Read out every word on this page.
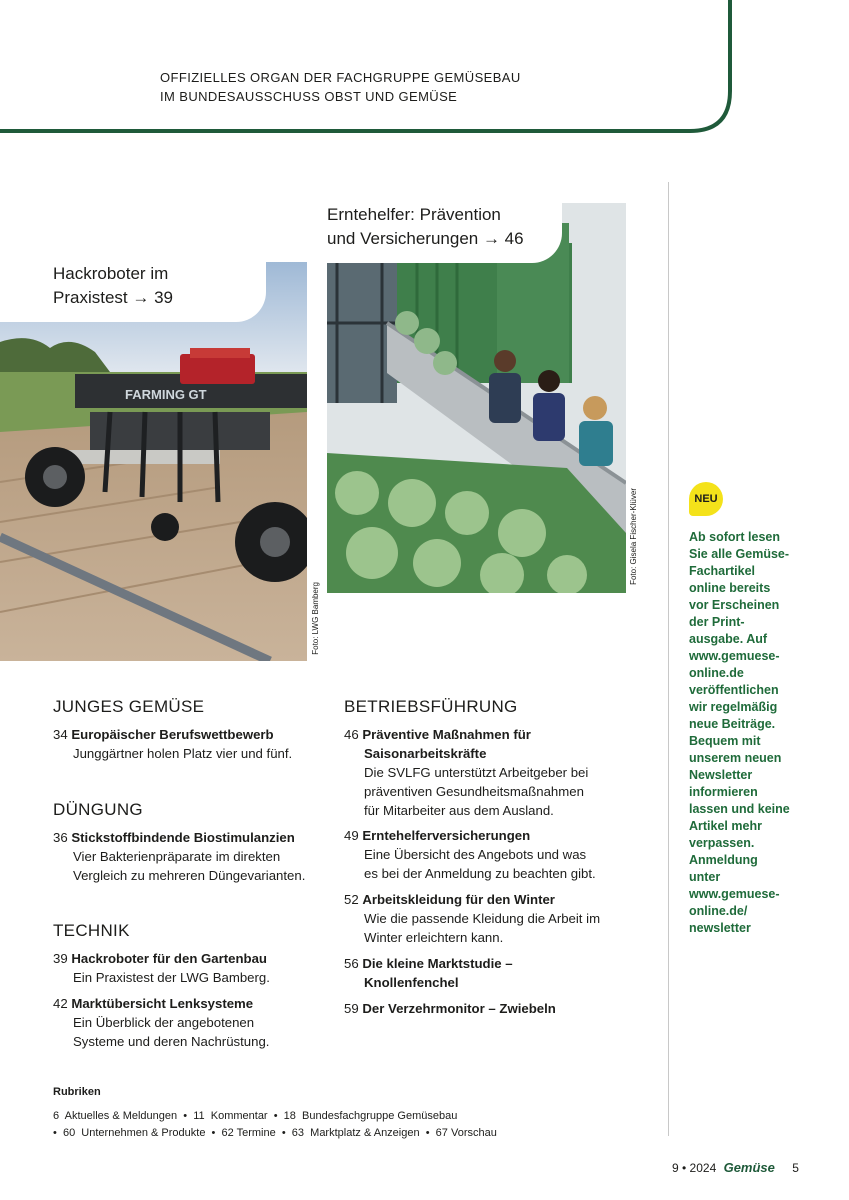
OFFIZIELLES ORGAN DER FACHGRUPPE GEMÜSEBAU
IM BUNDESAUSSCHUSS OBST UND GEMÜSE
FARMING GT
Hackroboter im
Praxistest → 39
Foto: LWG Bamberg
Erntehelfer: Prävention
und Versicherungen → 46
Foto: Gisela Fischer-Klüver
JUNGES GEMÜSE
34 Europäischer Berufswettbewerb
Junggärtner holen Platz vier und fünf.
DÜNGUNG
36 Stickstoffbindende Biostimulanzien
Vier Bakterienpräparate im direkten
Vergleich zu mehreren Düngevarianten.
TECHNIK
39 Hackroboter für den Gartenbau
Ein Praxistest der LWG Bamberg.
42 Marktübersicht Lenksysteme
Ein Überblick der angebotenen
Systeme und deren Nachrüstung.
BETRIEBSFÜHRUNG
46 Präventive Maßnahmen für
Saisonarbeitskräfte
Die SVLFG unterstützt Arbeitgeber bei
präventiven Gesundheitsmaßnahmen
für Mitarbeiter aus dem Ausland.
49 Erntehelferversicherungen
Eine Übersicht des Angebots und was
es bei der Anmeldung zu beachten gibt.
52 Arbeitskleidung für den Winter
Wie die passende Kleidung die Arbeit im
Winter erleichtern kann.
56 Die kleine Marktstudie –
Knollenfenchel
59 Der Verzehrmonitor – Zwiebeln
Rubriken
6  Aktuelles & Meldungen  •  11  Kommentar  •  18  Bundesfachgruppe Gemüsebau
•  60  Unternehmen & Produkte  •  62 Termine  •  63  Marktplatz & Anzeigen  •  67 Vorschau
NEU
Ab sofort lesen
Sie alle Gemüse-
Fachartikel
online bereits
vor Erscheinen
der Print-
ausgabe. Auf
www.gemuese-
online.de
veröffentlichen
wir regelmäßig
neue Beiträge.
Bequem mit
unserem neuen
Newsletter
informieren
lassen und keine
Artikel mehr
verpassen.
Anmeldung
unter
www.gemuese-
online.de/
newsletter
9 • 2024 Gemüse 5
